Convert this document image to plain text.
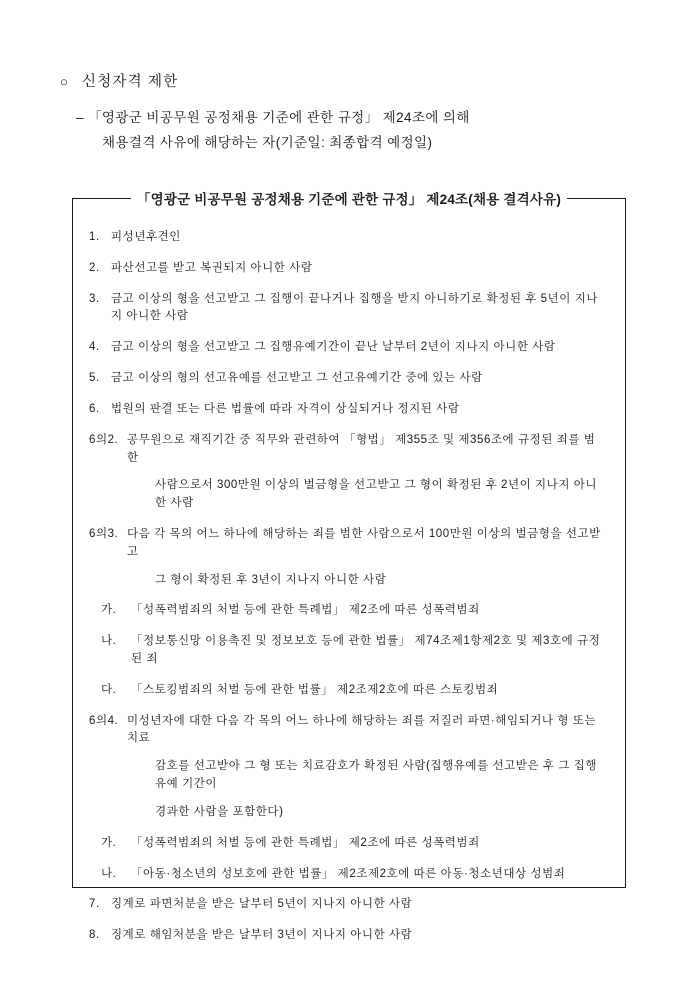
○ 신청자격 제한
– 「영광군 비공무원 공정채용 기준에 관한 규정」 제24조에 의해
채용결격 사유에 해당하는 자(기준일: 최종합격 예정일)
「영광군 비공무원 공정채용 기준에 관한 규정」 제24조(채용 결격사유)
1. 피성년후견인
2. 파산선고를 받고 복권되지 아니한 사람
3. 금고 이상의 형을 선고받고 그 집행이 끝나거나 집행을 받지 아니하기로 확정된 후 5년이 지나지 아니한 사람
4. 금고 이상의 형을 선고받고 그 집행유예기간이 끝난 날부터 2년이 지나지 아니한 사람
5. 금고 이상의 형의 선고유예를 선고받고 그 선고유예기간 중에 있는 사람
6. 법원의 판결 또는 다른 법률에 따라 자격이 상실되거나 정지된 사람
6의2. 공무원으로 재직기간 중 직무와 관련하여 「형법」 제355조 및 제356조에 규정된 죄를 범한
사람으로서 300만원 이상의 벌금형을 선고받고 그 형이 확정된 후 2년이 지나지 아니한 사람
6의3. 다음 각 목의 어느 하나에 해당하는 죄를 범한 사람으로서 100만원 이상의 벌금형을 선고받고
그 형이 확정된 후 3년이 지나지 아니한 사람
가.	「성폭력범죄의 처벌 등에 관한 특례법」 제2조에 따른 성폭력범죄
나.	「정보통신망 이용촉진 및 정보보호 등에 관한 법률」 제74조제1항제2호 및 제3호에 규정된 죄
다.	「스토킹범죄의 처벌 등에 관한 법률」 제2조제2호에 따른 스토킹범죄
6의4. 미성년자에 대한 다음 각 목의 어느 하나에 해당하는 죄를 저질러 파면·해임되거나 형 또는 치료
감호를 선고받아 그 형 또는 치료감호가 확정된 사람(집행유예를 선고받은 후 그 집행유예 기간이
경과한 사람을 포함한다)
가.	「성폭력범죄의 처벌 등에 관한 특례법」 제2조에 따른 성폭력범죄
나.	「아동·청소년의 성보호에 관한 법률」 제2조제2호에 따른 아동·청소년대상 성범죄
7. 징계로 파면처분을 받은 날부터 5년이 지나지 아니한 사람
8. 징계로 해임처분을 받은 날부터 3년이 지나지 아니한 사람
